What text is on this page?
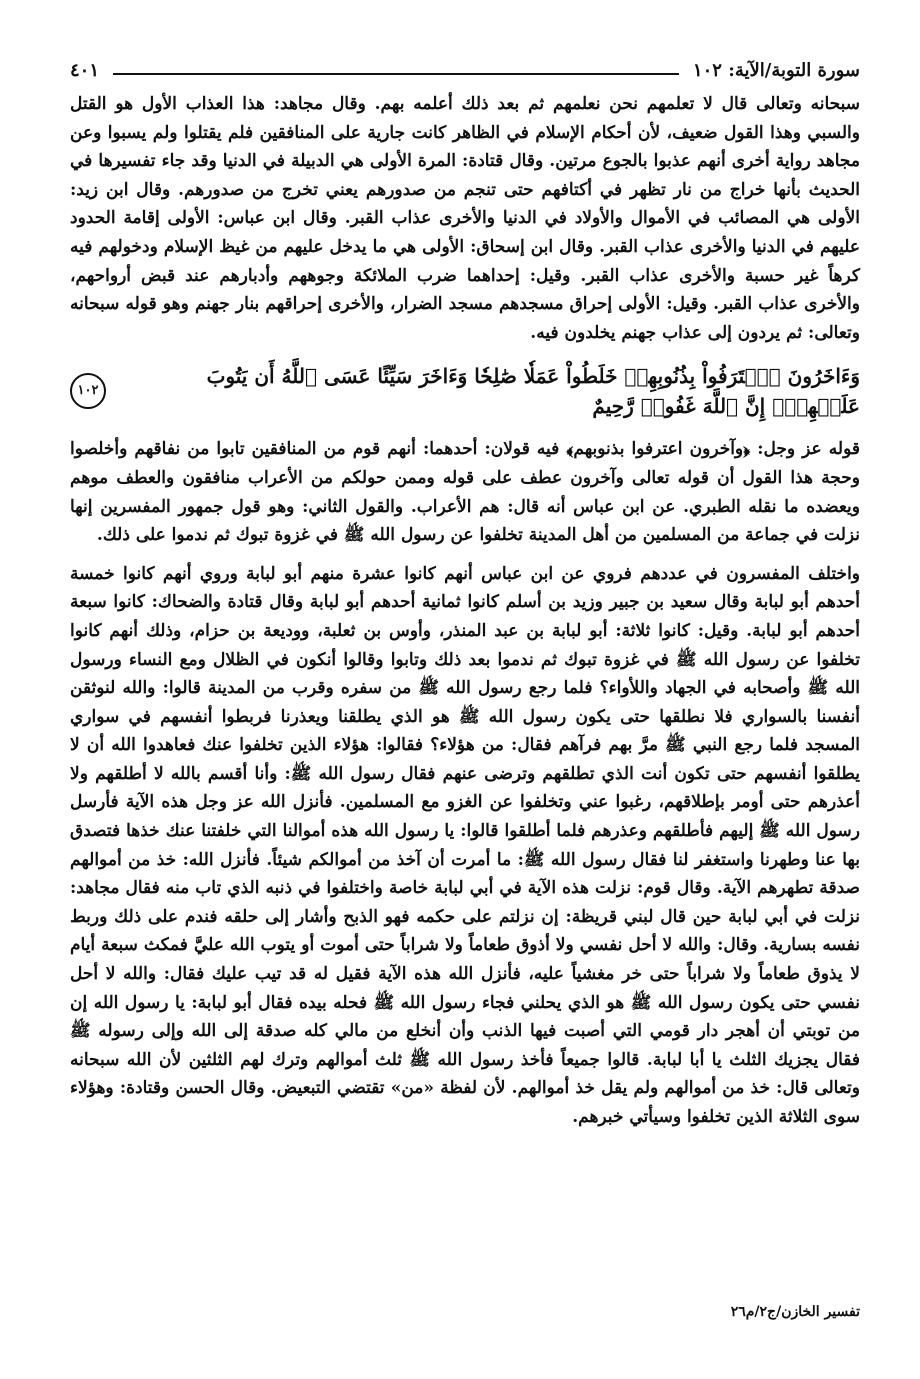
سورة التوبة/الآية: ١٠٢
٤٠١

سبحانه وتعالى قال لا تعلمهم نحن نعلمهم ثم بعد ذلك أعلمه بهم. وقال مجاهد: هذا العذاب الأول هو القتل والسبي وهذا القول ضعيف، لأن أحكام الإسلام في الظاهر كانت جارية على المنافقين فلم يقتلوا ولم يسبوا وعن مجاهد رواية أخرى أنهم عذبوا بالجوع مرتين. وقال قتادة: المرة الأولى هي الدبيلة في الدنيا وقد جاء تفسيرها في الحديث بأنها خراج من نار تظهر في أكتافهم حتى تنجم من صدورهم يعني تخرج من صدورهم. وقال ابن زيد: الأولى هي المصائب في الأموال والأولاد في الدنيا والأخرى عذاب القبر. وقال ابن عباس: الأولى إقامة الحدود عليهم في الدنيا والأخرى عذاب القبر. وقال ابن إسحاق: الأولى هي ما يدخل عليهم من غيظ الإسلام ودخولهم فيه كرهاً غير حسبة والأخرى عذاب القبر. وقيل: إحداهما ضرب الملائكة وجوههم وأدبارهم عند قبض أرواحهم، والأخرى عذاب القبر. وقيل: الأولى إحراق مسجدهم مسجد الضرار، والأخرى إحراقهم بنار جهنم وهو قوله سبحانه وتعالى: ثم يردون إلى عذاب جهنم يخلدون فيه.

وَءَاخَرُونَ ٱعۡتَرَفُواْ بِذُنُوبِهِمۡ خَلَطُواْ عَمَلٗا صَٰلِحٗا وَءَاخَرَ سَيِّئًا عَسَى ٱللَّهُ أَن يَتُوبَ عَلَيۡهِمۡۚ إِنَّ ٱللَّهَ غَفُورٞ رَّحِيمٌ
١٠٢

قوله عز وجل: ﴿وآخرون اعترفوا بذنوبهم﴾ فيه قولان: أحدهما: أنهم قوم من المنافقين تابوا من نفاقهم وأخلصوا وحجة هذا القول أن قوله تعالى وآخرون عطف على قوله وممن حولكم من الأعراب منافقون والعطف موهم ويعضده ما نقله الطبري. عن ابن عباس أنه قال: هم الأعراب. والقول الثاني: وهو قول جمهور المفسرين إنها نزلت في جماعة من المسلمين من أهل المدينة تخلفوا عن رسول الله ﷺ في غزوة تبوك ثم ندموا على ذلك.

واختلف المفسرون في عددهم فروي عن ابن عباس أنهم كانوا عشرة منهم أبو لبابة وروي أنهم كانوا خمسة أحدهم أبو لبابة وقال سعيد بن جبير وزيد بن أسلم كانوا ثمانية أحدهم أبو لبابة وقال قتادة والضحاك: كانوا سبعة أحدهم أبو لبابة. وقيل: كانوا ثلاثة: أبو لبابة بن عبد المنذر، وأوس بن ثعلبة، ووديعة بن حزام، وذلك أنهم كانوا تخلفوا عن رسول الله ﷺ في غزوة تبوك ثم ندموا بعد ذلك وتابوا وقالوا أنكون في الظلال ومع النساء ورسول الله ﷺ وأصحابه في الجهاد واللأواء؟ فلما رجع رسول الله ﷺ من سفره وقرب من المدينة قالوا: والله لنوثقن أنفسنا بالسواري فلا نطلقها حتى يكون رسول الله ﷺ هو الذي يطلقنا ويعذرنا فربطوا أنفسهم في سواري المسجد فلما رجع النبي ﷺ مرَّ بهم فرآهم فقال: من هؤلاء؟ فقالوا: هؤلاء الذين تخلفوا عنك فعاهدوا الله أن لا يطلقوا أنفسهم حتى تكون أنت الذي تطلقهم وترضى عنهم فقال رسول الله ﷺ: وأنا أقسم بالله لا أطلقهم ولا أعذرهم حتى أومر بإطلاقهم، رغبوا عني وتخلفوا عن الغزو مع المسلمين. فأنزل الله عز وجل هذه الآية فأرسل رسول الله ﷺ إليهم فأطلقهم وعذرهم فلما أطلقوا قالوا: يا رسول الله هذه أموالنا التي خلفتنا عنك خذها فتصدق بها عنا وطهرنا واستغفر لنا فقال رسول الله ﷺ: ما أمرت أن آخذ من أموالكم شيئاً. فأنزل الله: خذ من أموالهم صدقة تطهرهم الآية. وقال قوم: نزلت هذه الآية في أبي لبابة خاصة واختلفوا في ذنبه الذي تاب منه فقال مجاهد: نزلت في أبي لبابة حين قال لبني قريظة: إن نزلتم على حكمه فهو الذبح وأشار إلى حلقه فندم على ذلك وربط نفسه بسارية. وقال: والله لا أحل نفسي ولا أذوق طعاماً ولا شراباً حتى أموت أو يتوب الله عليَّ فمكث سبعة أيام لا يذوق طعاماً ولا شراباً حتى خر مغشياً عليه، فأنزل الله هذه الآية فقيل له قد تيب عليك فقال: والله لا أحل نفسي حتى يكون رسول الله ﷺ هو الذي يحلني فجاء رسول الله ﷺ فحله بيده فقال أبو لبابة: يا رسول الله إن من توبتي أن أهجر دار قومي التي أصبت فيها الذنب وأن أنخلع من مالي كله صدقة إلى الله وإلى رسوله ﷺ فقال يجزيك الثلث يا أبا لبابة. قالوا جميعاً فأخذ رسول الله ﷺ ثلث أموالهم وترك لهم الثلثين لأن الله سبحانه وتعالى قال: خذ من أموالهم ولم يقل خذ أموالهم. لأن لفظة «من» تقتضي التبعيض. وقال الحسن وقتادة: وهؤلاء سوى الثلاثة الذين تخلفوا وسيأتي خبرهم.

تفسير الخازن/ج٢/م٢٦
